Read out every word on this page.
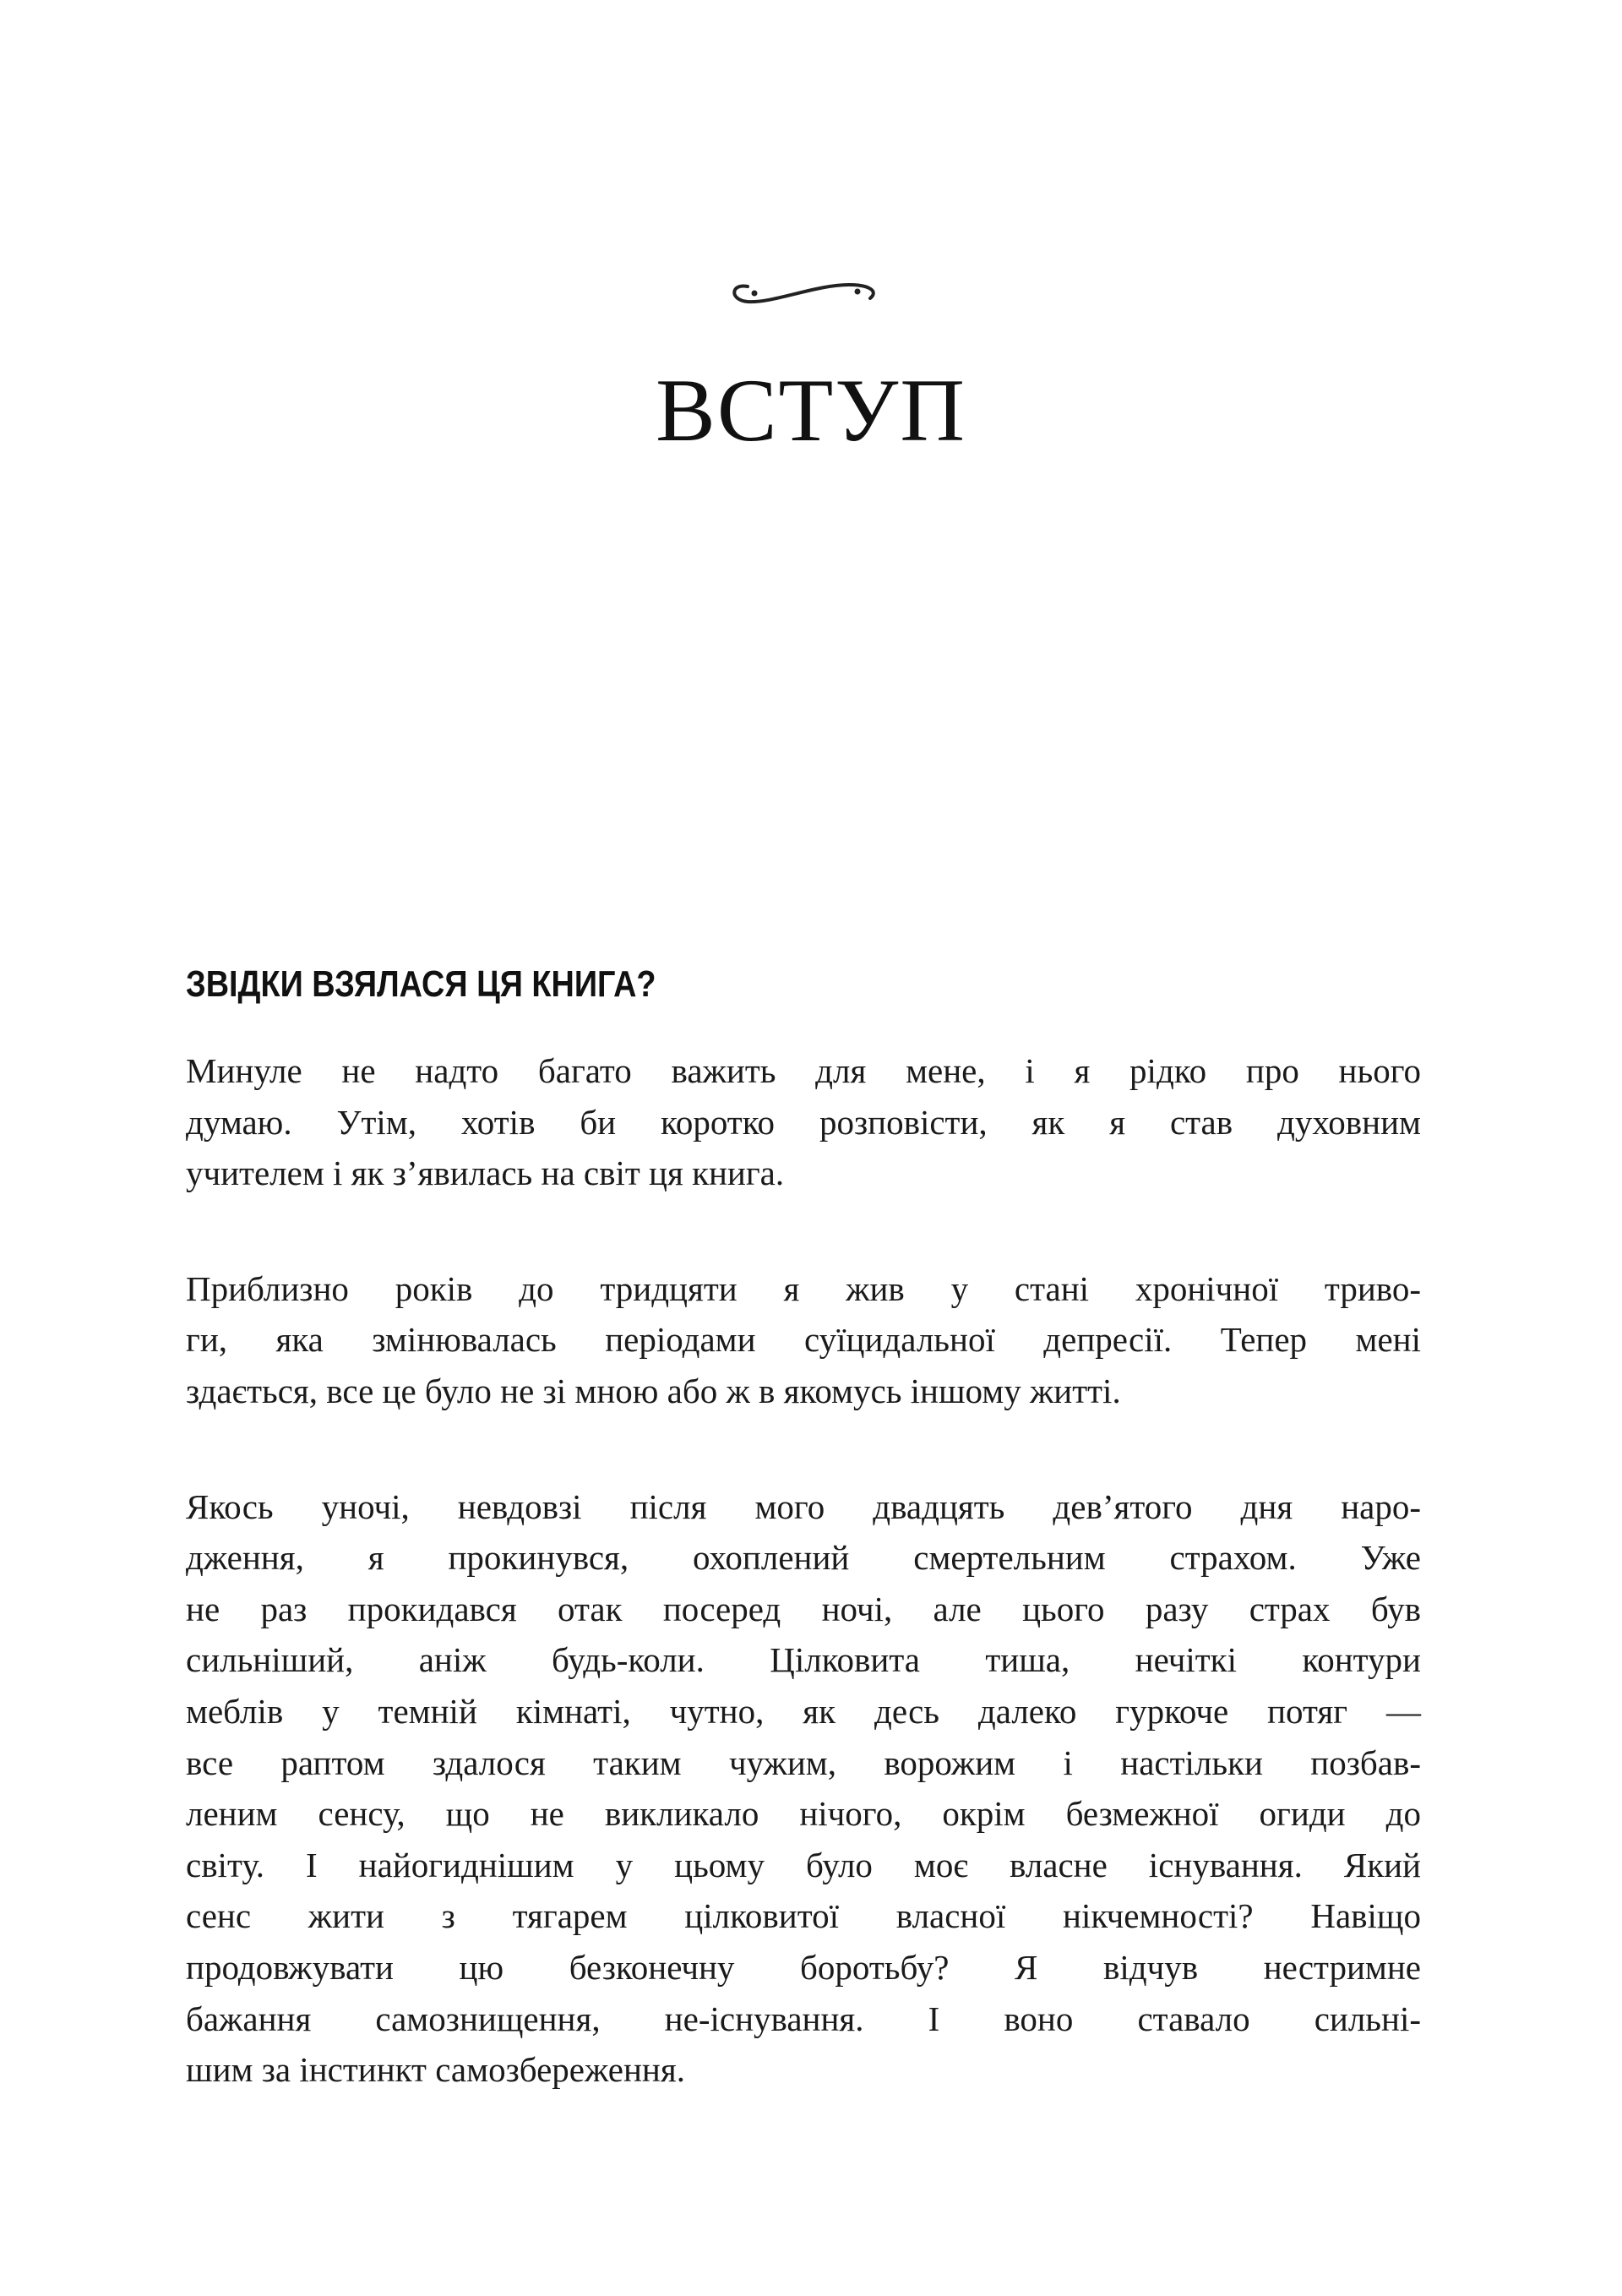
ВСТУП
ЗВІДКИ ВЗЯЛАСЯ ЦЯ КНИГА?
Минуле не надто багато важить для мене, і я рідко про нього
думаю. Утім, хотів би коротко розповісти, як я став духовним
учителем і як з’явилась на світ ця книга.
Приблизно років до тридцяти я жив у стані хронічної триво-
ги, яка змінювалась періодами суїцидальної депресії. Тепер мені
здається, все це було не зі мною або ж в якомусь іншому житті.
Якось уночі, невдовзі після мого двадцять дев’ятого дня наро-
дження, я прокинувся, охоплений смертельним страхом. Уже
не раз прокидався отак посеред ночі, але цього разу страх був
сильніший, аніж будь-коли. Цілковита тиша, нечіткі контури
меблів у темній кімнаті, чутно, як десь далеко гуркоче потяг —
все раптом здалося таким чужим, ворожим і настільки позбав-
леним сенсу, що не викликало нічого, окрім безмежної огиди до
світу. І найогиднішим у цьому було моє власне існування. Який
сенс жити з тягарем цілковитої власної нікчемності? Навіщо
продовжувати цю безконечну боротьбу? Я відчув нестримне
бажання самознищення, не-існування. І воно ставало сильні-
шим за інстинкт самозбереження.
